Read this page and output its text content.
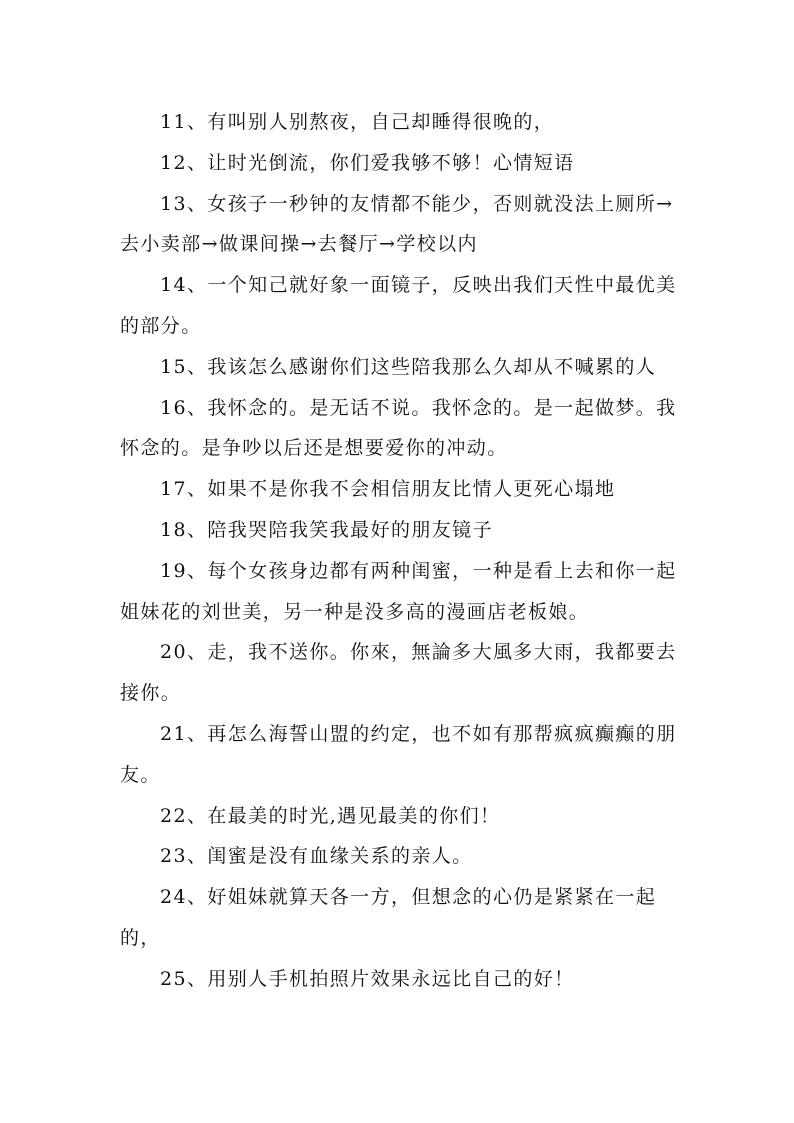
11、有叫别人别熬夜，自己却睡得很晚的，

12、让时光倒流，你们爱我够不够！心情短语

13、女孩子一秒钟的友情都不能少，否则就没法上厕所→去小卖部→做课间操→去餐厅→学校以内

14、一个知己就好象一面镜子，反映出我们天性中最优美的部分。

15、我该怎么感谢你们这些陪我那么久却从不喊累的人

16、我怀念的。是无话不说。我怀念的。是一起做梦。我怀念的。是争吵以后还是想要爱你的冲动。

17、如果不是你我不会相信朋友比情人更死心塌地

18、陪我哭陪我笑我最好的朋友镜子

19、每个女孩身边都有两种闺蜜，一种是看上去和你一起姐妹花的刘世美，另一种是没多高的漫画店老板娘。

20、走，我不送你。你來，無論多大風多大雨，我都要去接你。

21、再怎么海誓山盟的约定，也不如有那帮疯疯癫癫的朋友。

22、在最美的时光,遇见最美的你们！

23、闺蜜是没有血缘关系的亲人。

24、好姐妹就算天各一方，但想念的心仍是紧紧在一起的，

25、用别人手机拍照片效果永远比自己的好！
